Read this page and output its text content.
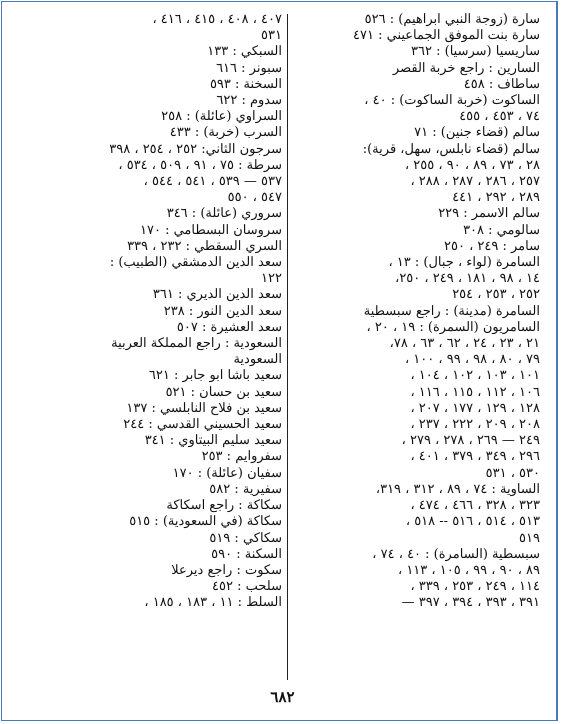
سارة (زوجة النبي ابراهيم) : ٥٢٦
سارة بنت الموفق الجماعيني : ٤٧١
ساريسيا (سرسيا) : ٣٦٢
السارين : راجع خربة القصر
ساطاف : ٤٥٨
الساكوت (خربة الساكوت) : ٤٠ ،
٧٤ ، ٤٥٣ ، ٤٥٥
سالم (قضاء جنين) : ٧١
سالم (قضاء نابلس، سهل، قرية):
٢٨ ، ٧٣ ، ٨٩ ، ٩٠ ، ٢٥٥ ،
٢٥٧ ، ٢٨٦ ، ٢٨٧ ، ٢٨٨ ،
٢٨٩ ، ٢٩٢ ، ٤٤١
سالم الاسمر : ٢٢٩
سالومي : ٣٠٨
سامر : ٢٤٩ ، ٢٥٠
السامرة (لواء ، جبال) : ١٣ ،
١٤ ، ٩٨ ، ١٨١ ، ٢٤٩ ، ٢٥٠،
٢٥٢ ، ٢٥٣ ، ٢٥٤
السامرة (مدينة) : راجع سبسطية
السامريون (السمرة) : ١٩ ، ٢٠ ،
٢١ ، ٢٣ ، ٢٤ ، ٦٢ ، ٦٣ ، ٧٨،
٧٩ ، ٨٠ ، ٩٨ ، ٩٩ ، ١٠٠ ،
١٠١ ، ١٠٣ ، ١٠٢ ، ١٠٤ ،
١٠٦ ، ١١٢ ، ١١٥ ، ١١٦ ،
١٢٨ ، ١٢٩ ، ١٧٧ ، ٢٠٧ ،
٢٠٨ ، ٢٠٩ ، ٢٢٢ ، ٢٣٧ ،
٢٤٩ — ٢٦٩ ، ٢٧٨ ، ٢٧٩ ،
٢٩٦ ، ٣٤٩ ، ٣٧٩ ، ٤٠١ ،
٥٣٠ ، ٥٣١
الساوية : ٧٤ ، ٨٩ ، ٣١٢ ، ٣١٩،
٣٢٣ ، ٣٢٨ ، ٤٦٦ ، ٤٧٤ ،
٥١٣ ، ٥١٤ ، ٥١٦ -- ٥١٨ ،
٥١٩
سبسطية (السامرة) : ٤٠ ، ٧٤ ،
٨٩ ، ٩٠ ، ٩٩ ، ١٠٥ ، ١١٣ ،
١١٤ ، ٢٤٩ ، ٢٥٣ ، ٣٣٩ ،
٣٩١ ، ٣٩٣ ، ٣٩٤ ، ٣٩٧ —
٤٠٧ ، ٤٠٨ ، ٤١٥ ، ٤١٦ ،
٥٣١
السبكي : ١٣٣
سبونر : ٦١٦
السخنة : ٥٩٣
سدوم : ٦٢٢
السراوي (عائلة) : ٢٥٨
السرب (خربة) : ٤٣٣
سرجون الثاني: ٢٥٢ ، ٢٥٤ ، ٣٩٨
سرطة : ٧٥ ، ٩١ ، ٥٠٩ ، ٥٣٤ ،
٥٣٧ — ٥٣٩ ، ٥٤١ ، ٥٤٤ ،
٥٤٧ ، ٥٥٠
سروري (عائلة) : ٣٤٦
سروسان البسطامي : ١٧٠
السري السقطي : ٢٣٢ ، ٣٣٩
سعد الدين الدمشقي (الطبيب) :
١٢٢
سعد الدين الديري : ٣٦١
سعد الدين النور : ٢٣٨
سعد العشيرة : ٥٠٧
السعودية : راجع المملكة العربية
السعودية
سعيد باشا ابو جابر : ٦٢١
سعيد بن حسان : ٥٢١
سعيد بن فلاح النابلسي : ١٣٧
سعيد الحسيني القدسي : ٢٤٤
سعيد سليم البيتاوي : ٣٤١
سفروايم : ٢٥٣
سفيان (عائلة) : ١٧٠
سفيرية : ٥٨٢
سكاكة : راجع اسكاكة
سكاكة (في السعودية) : ٥١٥
سكاكي : ٥١٩
السكنة : ٥٩٠
سكوت : راجع ديرعلا
سلحب : ٤٥٢
السلط : ١١ ، ١٨٣ ، ١٨٥ ،
٦٨٢
